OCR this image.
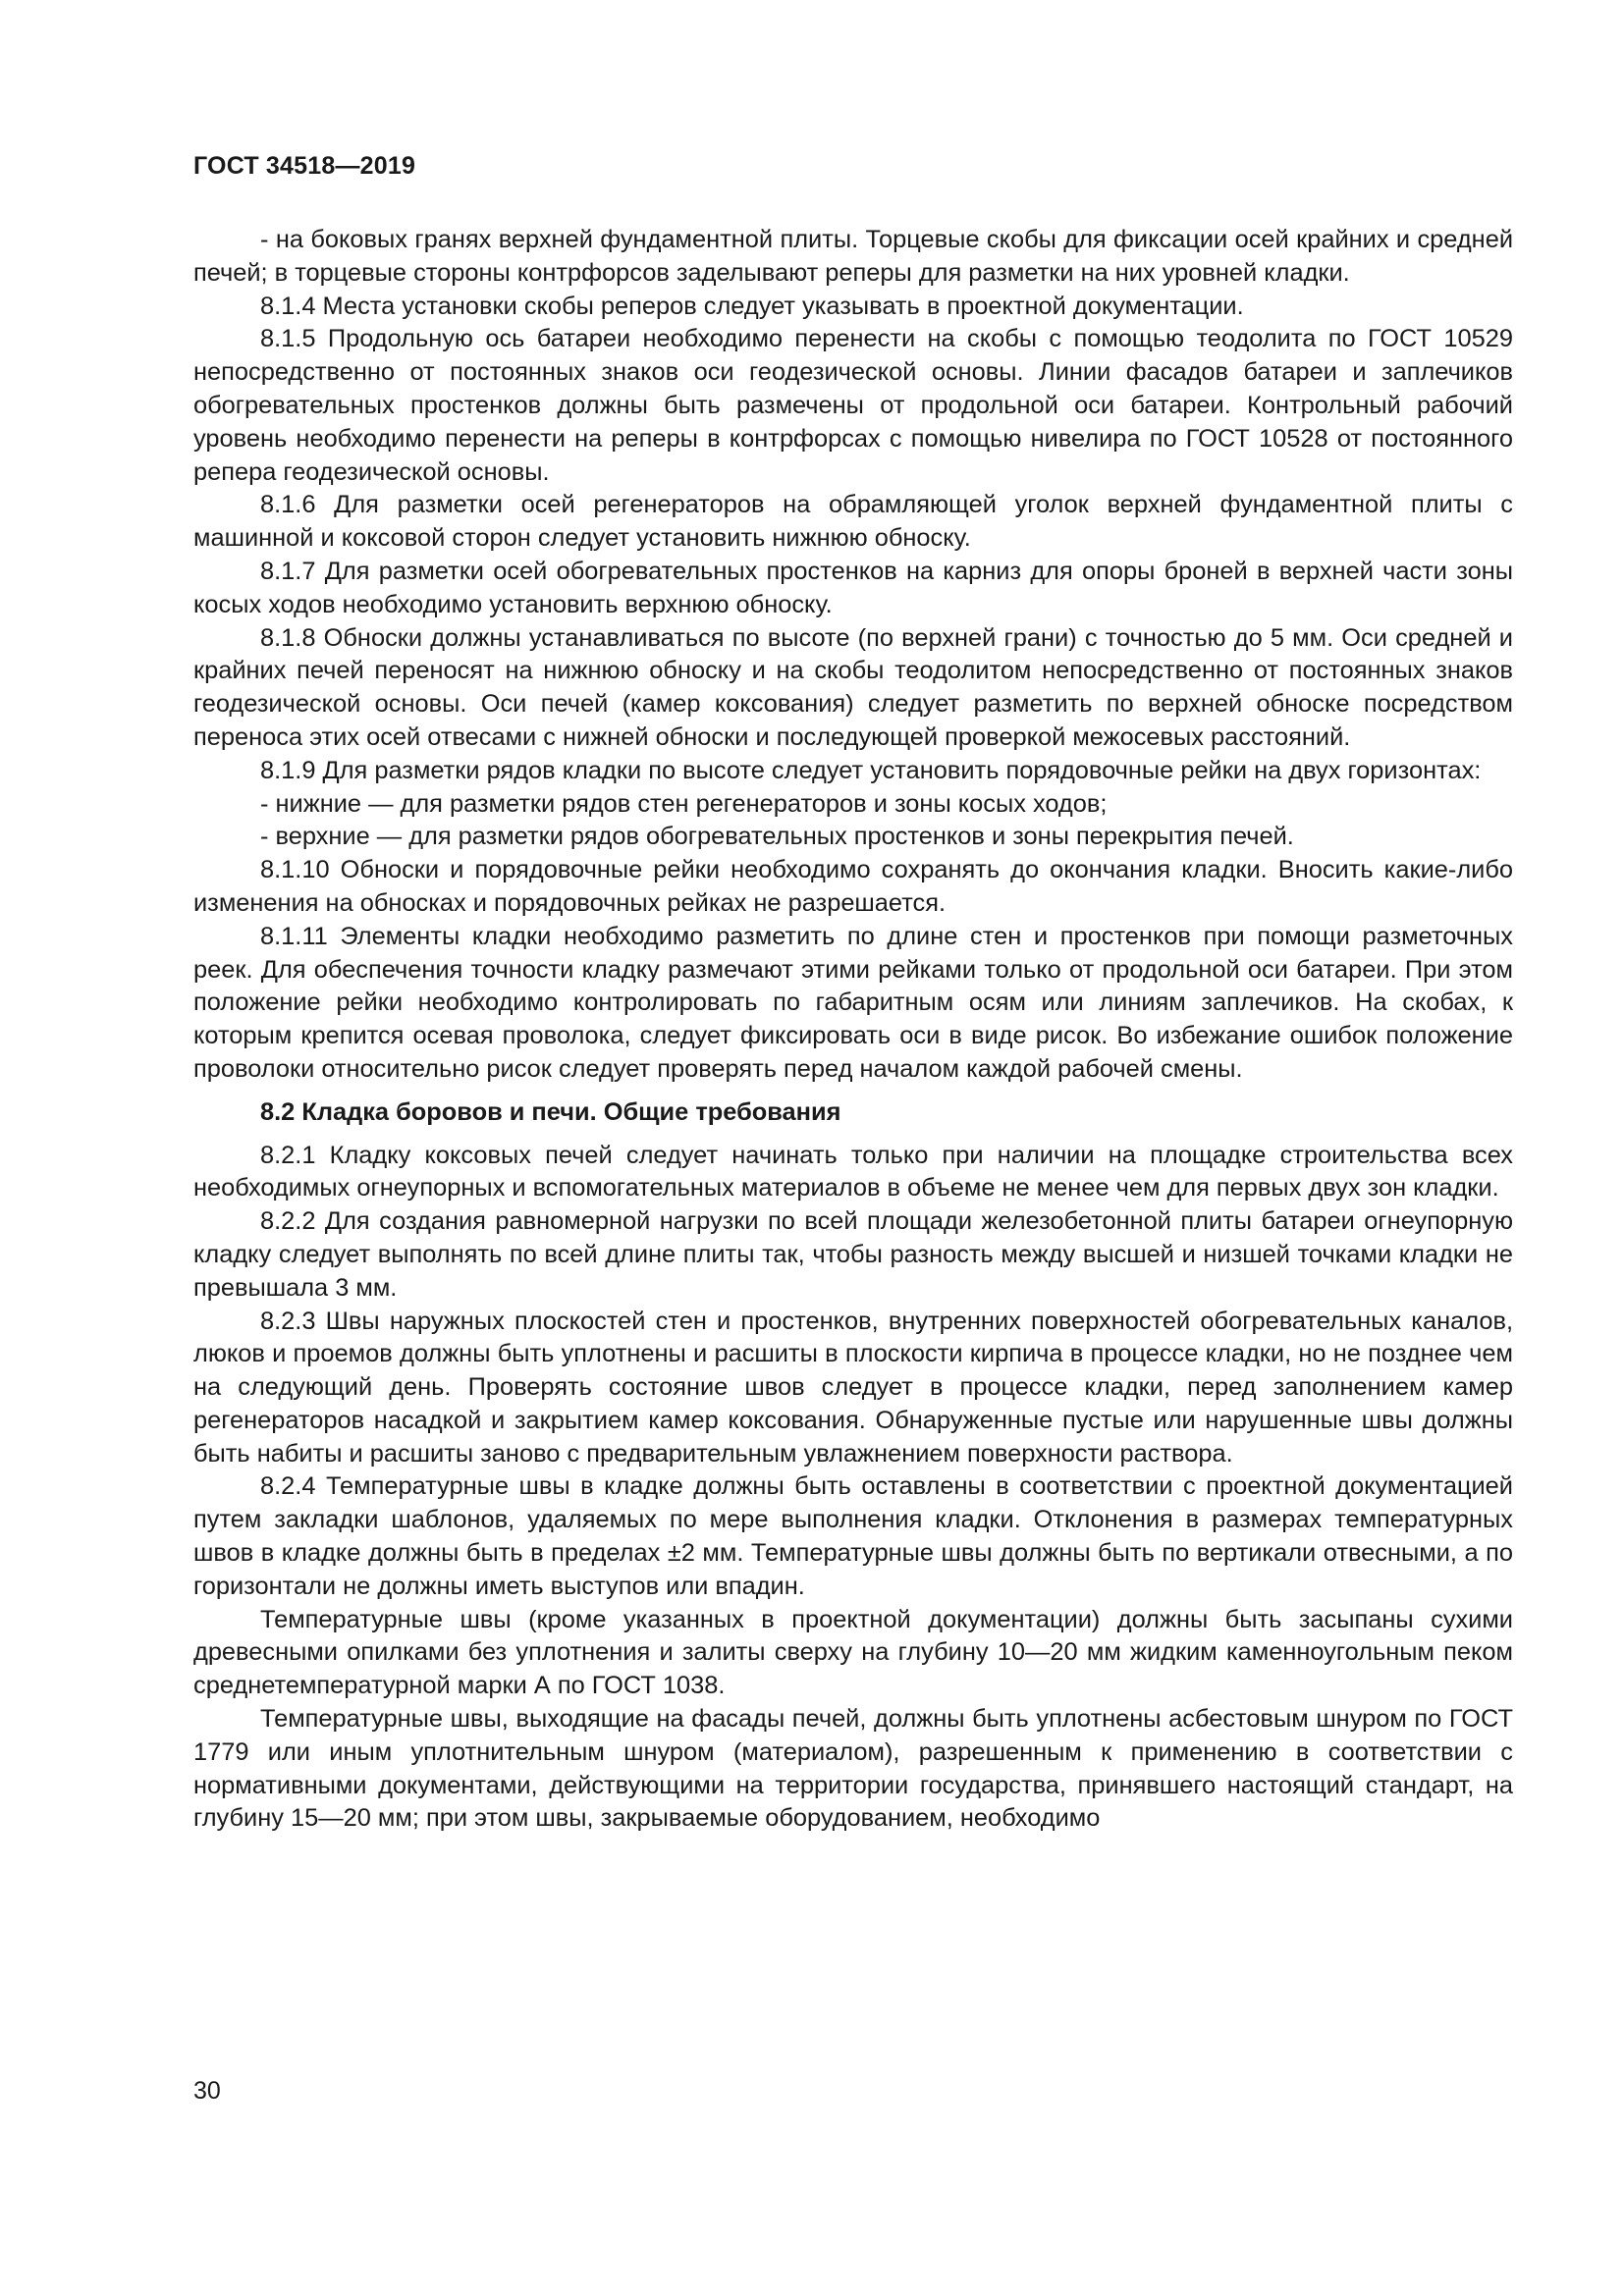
ГОСТ 34518—2019

- на боковых гранях верхней фундаментной плиты. Торцевые скобы для фиксации осей крайних и средней печей; в торцевые стороны контрфорсов заделывают реперы для разметки на них уровней кладки.

8.1.4 Места установки скобы реперов следует указывать в проектной документации.

8.1.5 Продольную ось батареи необходимо перенести на скобы с помощью теодолита по ГОСТ 10529 непосредственно от постоянных знаков оси геодезической основы. Линии фасадов батареи и заплечиков обогревательных простенков должны быть размечены от продольной оси батареи. Контрольный рабочий уровень необходимо перенести на реперы в контрфорсах с помощью нивелира по ГОСТ 10528 от постоянного репера геодезической основы.

8.1.6 Для разметки осей регенераторов на обрамляющей уголок верхней фундаментной плиты с машинной и коксовой сторон следует установить нижнюю обноску.

8.1.7 Для разметки осей обогревательных простенков на карниз для опоры броней в верхней части зоны косых ходов необходимо установить верхнюю обноску.

8.1.8 Обноски должны устанавливаться по высоте (по верхней грани) с точностью до 5 мм. Оси средней и крайних печей переносят на нижнюю обноску и на скобы теодолитом непосредственно от постоянных знаков геодезической основы. Оси печей (камер коксования) следует разметить по верхней обноске посредством переноса этих осей отвесами с нижней обноски и последующей проверкой межосевых расстояний.

8.1.9 Для разметки рядов кладки по высоте следует установить порядовочные рейки на двух горизонтах:

- нижние — для разметки рядов стен регенераторов и зоны косых ходов;

- верхние — для разметки рядов обогревательных простенков и зоны перекрытия печей.

8.1.10 Обноски и порядовочные рейки необходимо сохранять до окончания кладки. Вносить какие-либо изменения на обносках и порядовочных рейках не разрешается.

8.1.11 Элементы кладки необходимо разметить по длине стен и простенков при помощи разметочных реек. Для обеспечения точности кладку размечают этими рейками только от продольной оси батареи. При этом положение рейки необходимо контролировать по габаритным осям или линиям заплечиков. На скобах, к которым крепится осевая проволока, следует фиксировать оси в виде рисок. Во избежание ошибок положение проволоки относительно рисок следует проверять перед началом каждой рабочей смены.

8.2 Кладка боровов и печи. Общие требования

8.2.1 Кладку коксовых печей следует начинать только при наличии на площадке строительства всех необходимых огнеупорных и вспомогательных материалов в объеме не менее чем для первых двух зон кладки.

8.2.2 Для создания равномерной нагрузки по всей площади железобетонной плиты батареи огнеупорную кладку следует выполнять по всей длине плиты так, чтобы разность между высшей и низшей точками кладки не превышала 3 мм.

8.2.3 Швы наружных плоскостей стен и простенков, внутренних поверхностей обогревательных каналов, люков и проемов должны быть уплотнены и расшиты в плоскости кирпича в процессе кладки, но не позднее чем на следующий день. Проверять состояние швов следует в процессе кладки, перед заполнением камер регенераторов насадкой и закрытием камер коксования. Обнаруженные пустые или нарушенные швы должны быть набиты и расшиты заново с предварительным увлажнением поверхности раствора.

8.2.4 Температурные швы в кладке должны быть оставлены в соответствии с проектной документацией путем закладки шаблонов, удаляемых по мере выполнения кладки. Отклонения в размерах температурных швов в кладке должны быть в пределах ±2 мм. Температурные швы должны быть по вертикали отвесными, а по горизонтали не должны иметь выступов или впадин.

Температурные швы (кроме указанных в проектной документации) должны быть засыпаны сухими древесными опилками без уплотнения и залиты сверху на глубину 10—20 мм жидким каменноугольным пеком среднетемпературной марки А по ГОСТ 1038.

Температурные швы, выходящие на фасады печей, должны быть уплотнены асбестовым шнуром по ГОСТ 1779 или иным уплотнительным шнуром (материалом), разрешенным к применению в соответствии с нормативными документами, действующими на территории государства, принявшего настоящий стандарт, на глубину 15—20 мм; при этом швы, закрываемые оборудованием, необходимо

30
